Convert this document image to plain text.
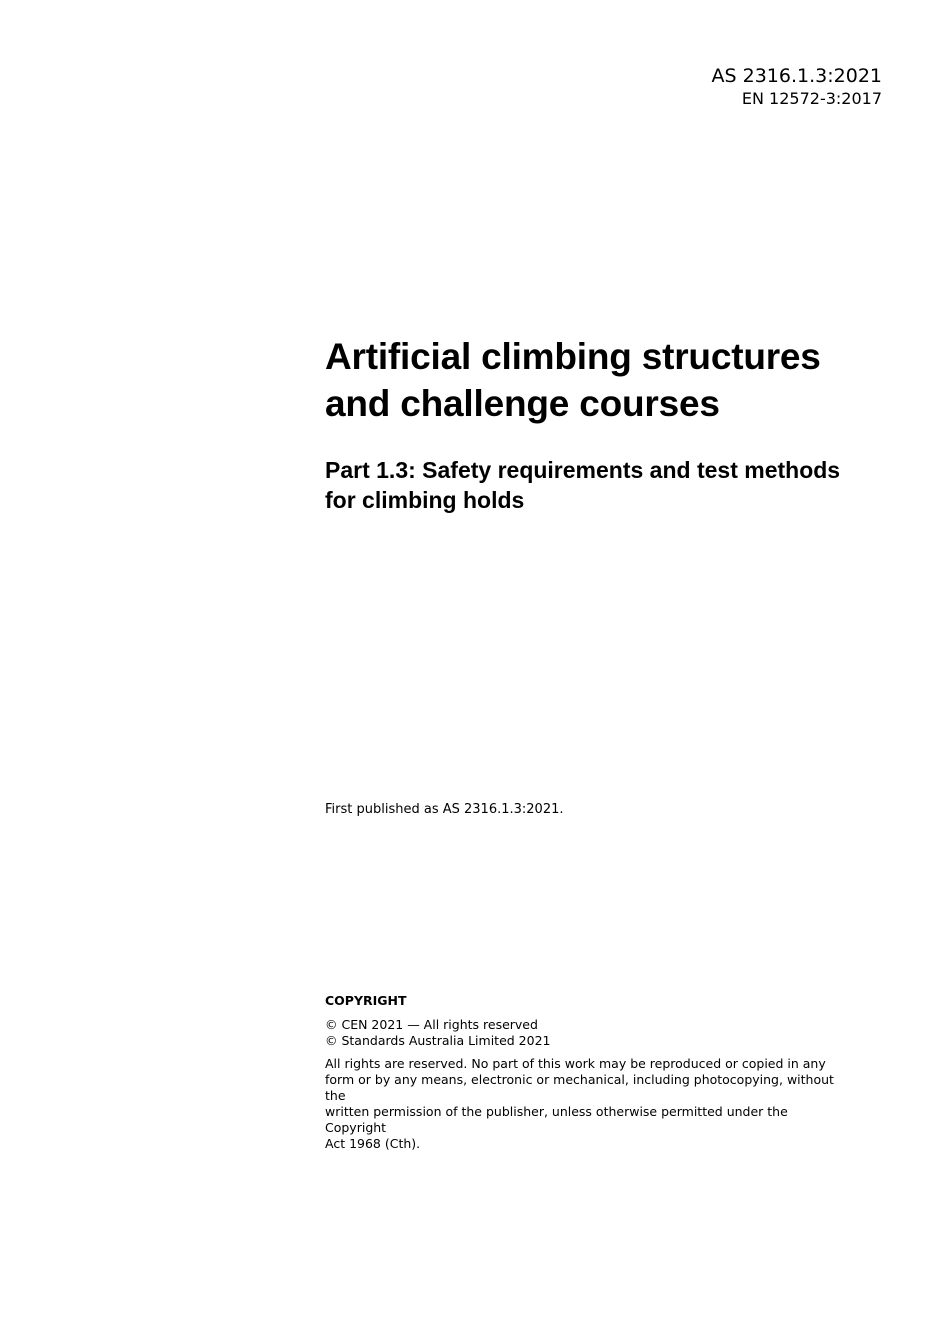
AS 2316.1.3:2021
EN 12572-3:2017
Artificial climbing structures
and challenge courses
Part 1.3: Safety requirements and test methods
for climbing holds
First published as AS 2316.1.3:2021.
COPYRIGHT

© CEN 2021 — All rights reserved

© Standards Australia Limited 2021

All rights are reserved. No part of this work may be reproduced or copied in any
form or by any means, electronic or mechanical, including photocopying, without the
written permission of the publisher, unless otherwise permitted under the Copyright
Act 1968 (Cth).
